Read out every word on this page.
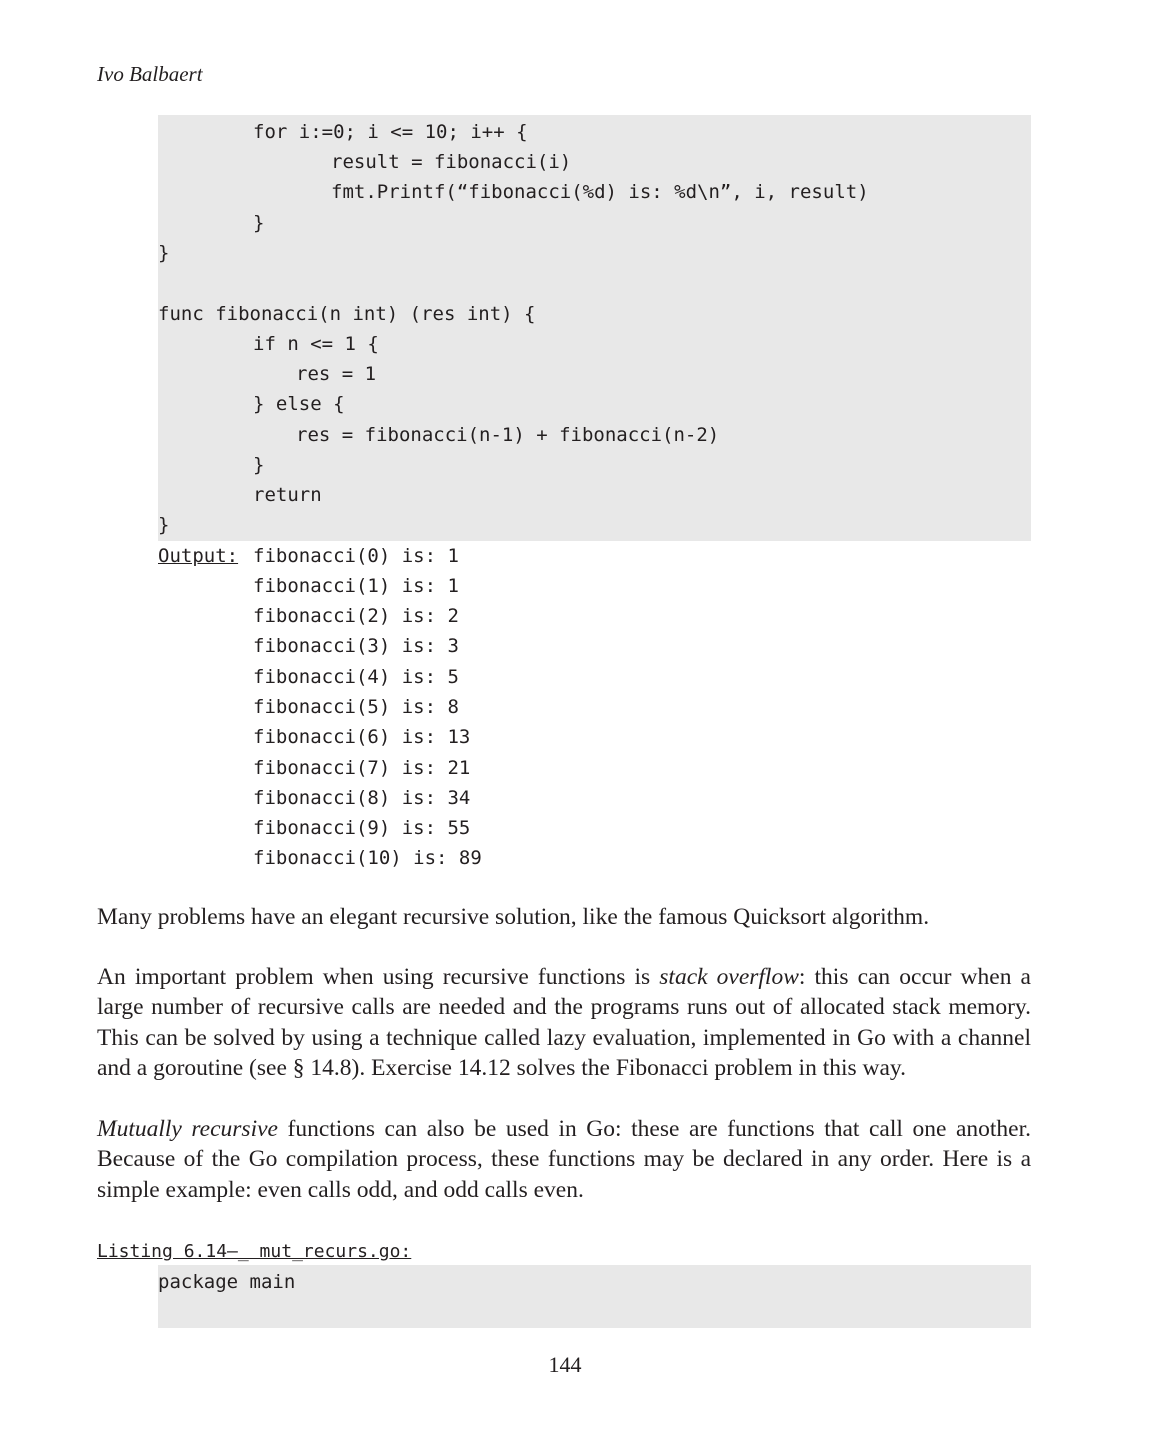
Ivo Balbaert
for i:=0; i <= 10; i++ {
result = fibonacci(i)
fmt.Printf(“fibonacci(%d) is: %d\n”, i, result)
}
}
func fibonacci(n int) (res int) {
if n <= 1 {
res = 1
} else {
res = fibonacci(n-1) + fibonacci(n-2)
}
return
}
Output: fibonacci(0) is: 1
fibonacci(1) is: 1
fibonacci(2) is: 2
fibonacci(3) is: 3
fibonacci(4) is: 5
fibonacci(5) is: 8
fibonacci(6) is: 13
fibonacci(7) is: 21
fibonacci(8) is: 34
fibonacci(9) is: 55
fibonacci(10) is: 89

Many problems have an elegant recursive solution, like the famous Quicksort algorithm.

An important problem when using recursive functions is stack overflow: this can occur when a large number of recursive calls are needed and the programs runs out of allocated stack memory. This can be solved by using a technique called lazy evaluation, implemented in Go with a channel and a goroutine (see § 14.8). Exercise 14.12 solves the Fibonacci problem in this way.

Mutually recursive functions can also be used in Go: these are functions that call one another. Because of the Go compilation process, these functions may be declared in any order. Here is a simple example: even calls odd, and odd calls even.

Listing 6.14—_ mut_recurs.go:
package main
144
